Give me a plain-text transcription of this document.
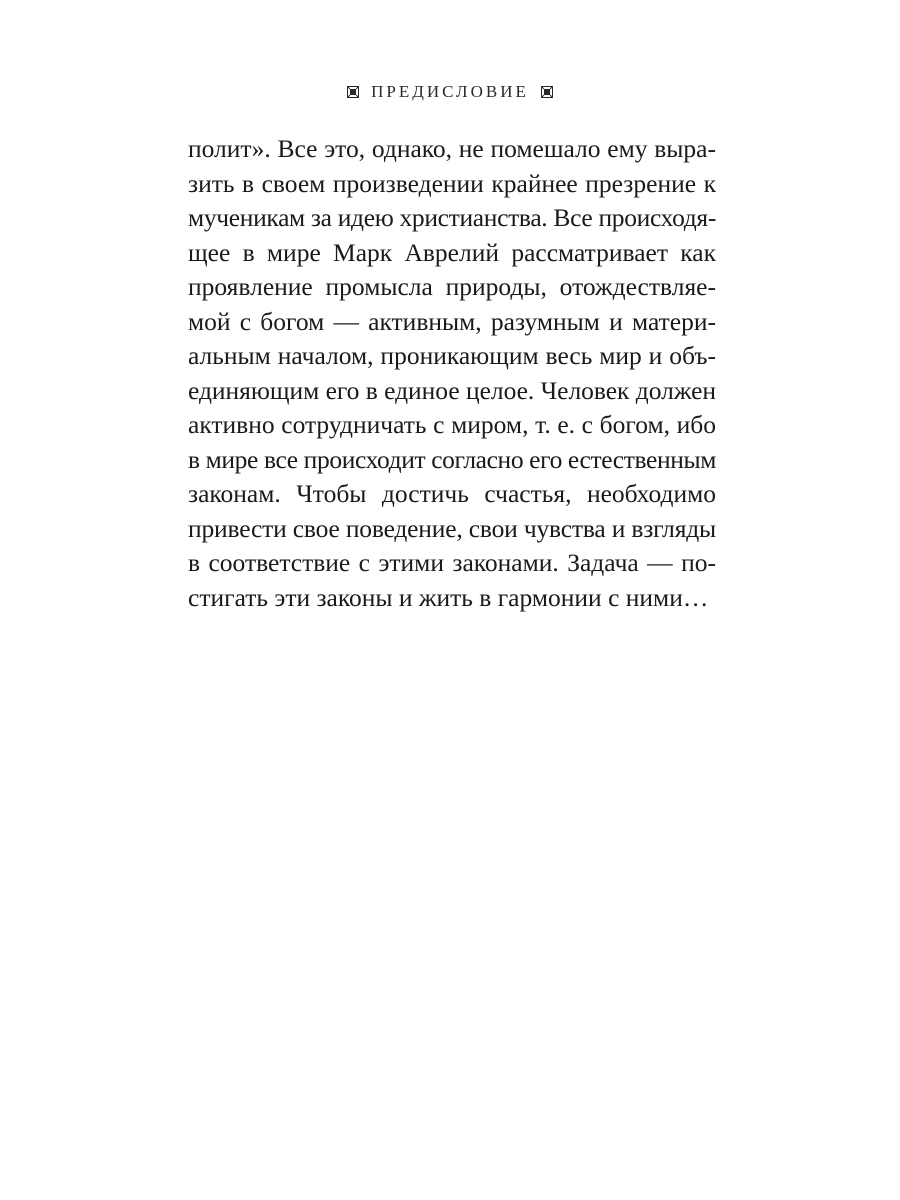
ПРЕДИСЛОВИЕ
полит». Все это, однако, не помешало ему выра-
зить в своем произведении крайнее презрение к
мученикам за идею христианства. Все происходя-
щее в мире Марк Аврелий рассматривает как
проявление промысла природы, отождествляе-
мой с богом — активным, разумным и матери-
альным началом, проникающим весь мир и объ-
единяющим его в единое целое. Человек должен
активно сотрудничать с миром, т. е. с богом, ибо
в мире все происходит согласно его естественным
законам. Чтобы достичь счастья, необходимо
привести свое поведение, свои чувства и взгляды
в соответствие с этими законами. Задача — по-
стигать эти законы и жить в гармонии с ними…
